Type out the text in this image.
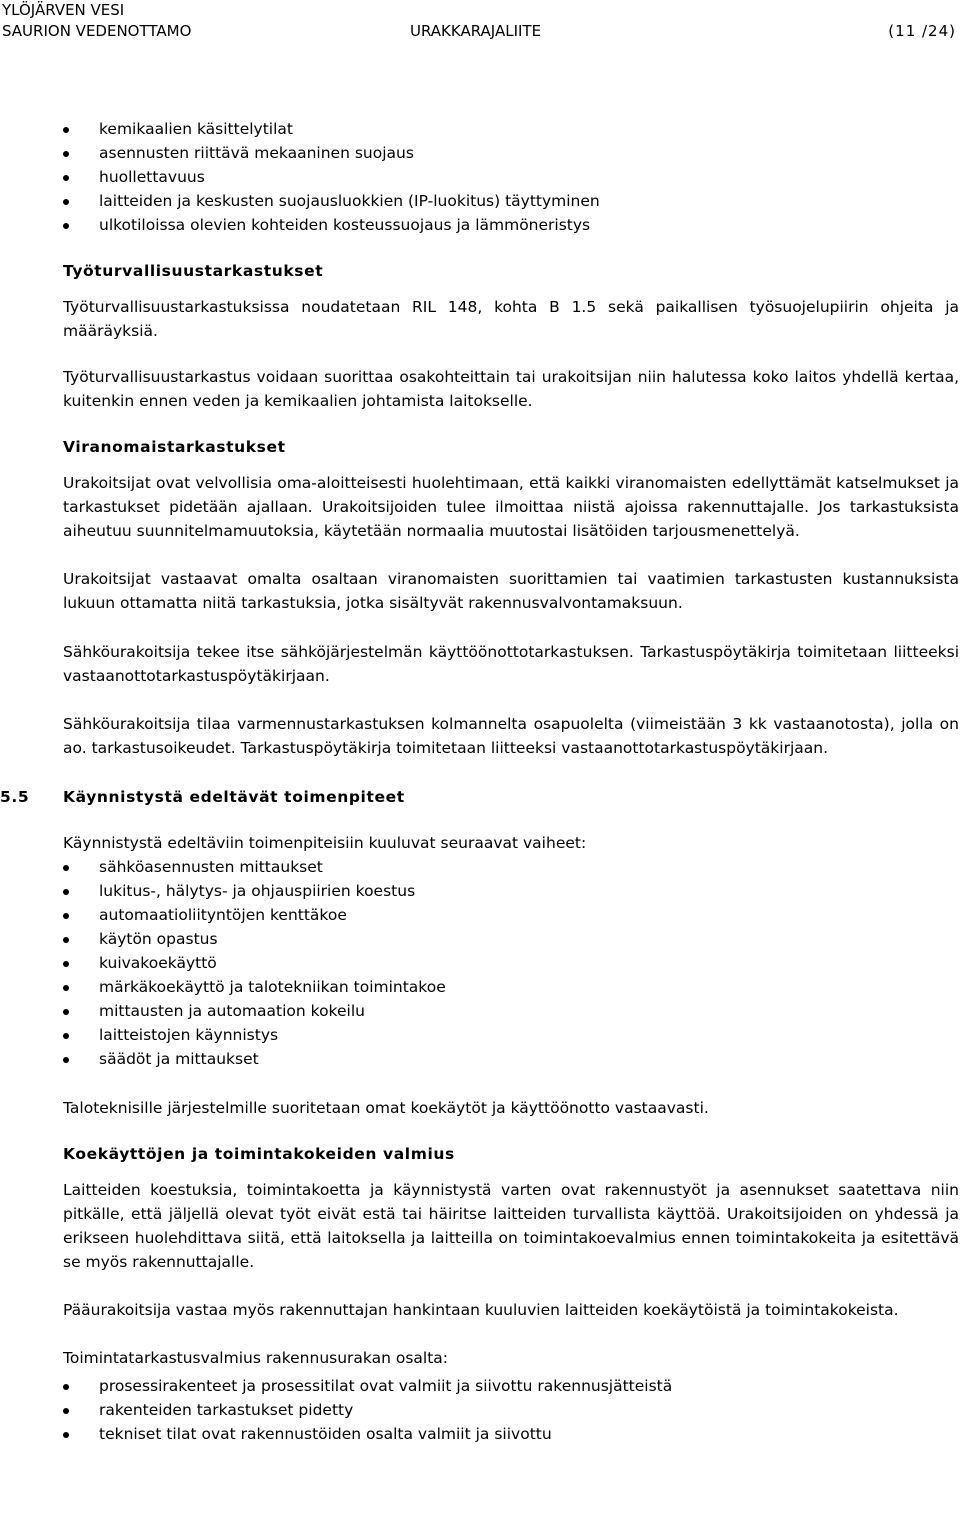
YLÖJÄRVEN VESI
SAURION VEDENOTTAMO	URAKKARAJALIITE	(11 /24)
kemikaalien käsittelytilat
asennusten riittävä mekaaninen suojaus
huollettavuus
laitteiden ja keskusten suojausluokkien (IP-luokitus) täyttyminen
ulkotiloissa olevien kohteiden kosteussuojaus ja lämmöneristys
Työturvallisuustarkastukset

Työturvallisuustarkastuksissa noudatetaan RIL 148, kohta B 1.5 sekä paikallisen työsuojelupiirin ohjeita ja määräyksiä.

Työturvallisuustarkastus voidaan suorittaa osakohteittain tai urakoitsijan niin halutessa koko laitos yhdellä kertaa, kuitenkin ennen veden ja kemikaalien johtamista laitokselle.

Viranomaistarkastukset

Urakoitsijat ovat velvollisia oma-aloitteisesti huolehtimaan, että kaikki viranomaisten edellyttämät katselmukset ja tarkastukset pidetään ajallaan. Urakoitsijoiden tulee ilmoittaa niistä ajoissa rakennuttajalle. Jos tarkastuksista aiheutuu suunnitelmamuutoksia, käytetään normaalia muutostai lisätöiden tarjousmenettelyä.

Urakoitsijat vastaavat omalta osaltaan viranomaisten suorittamien tai vaatimien tarkastusten kustannuksista lukuun ottamatta niitä tarkastuksia, jotka sisältyvät rakennusvalvontamaksuun.

Sähköurakoitsija tekee itse sähköjärjestelmän käyttöönottotarkastuksen. Tarkastuspöytäkirja toimitetaan liitteeksi vastaanottotarkastuspöytäkirjaan.

Sähköurakoitsija tilaa varmennustarkastuksen kolmannelta osapuolelta (viimeistään 3 kk vastaanotosta), jolla on ao. tarkastusoikeudet. Tarkastuspöytäkirja toimitetaan liitteeksi vastaanottotarkastuspöytäkirjaan.

5.5 Käynnistystä edeltävät toimenpiteet

Käynnistystä edeltäviin toimenpiteisiin kuuluvat seuraavat vaiheet:

sähköasennusten mittaukset
lukitus-, hälytys- ja ohjauspiirien koestus
automaatioliityntöjen kenttäkoe
käytön opastus
kuivakoekäyttö
märkäkoekäyttö ja talotekniikan toimintakoe
mittausten ja automaation kokeilu
laitteistojen käynnistys
säädöt ja mittaukset

Taloteknisille järjestelmille suoritetaan omat koekäytöt ja käyttöönotto vastaavasti.

Koekäyttöjen ja toimintakokeiden valmius

Laitteiden koestuksia, toimintakoetta ja käynnistystä varten ovat rakennustyöt ja asennukset saatettava niin pitkälle, että jäljellä olevat työt eivät estä tai häiritse laitteiden turvallista käyttöä. Urakoitsijoiden on yhdessä ja erikseen huolehdittava siitä, että laitoksella ja laitteilla on toimintakoevalmius ennen toimintakokeita ja esitettävä se myös rakennuttajalle.

Pääurakoitsija vastaa myös rakennuttajan hankintaan kuuluvien laitteiden koekäytöistä ja toimintakokeista.

Toimintatarkastusvalmius rakennusurakan osalta:

prosessirakenteet ja prosessitilat ovat valmiit ja siivottu rakennusjätteistä
rakenteiden tarkastukset pidetty
tekniset tilat ovat rakennustöiden osalta valmiit ja siivottu
